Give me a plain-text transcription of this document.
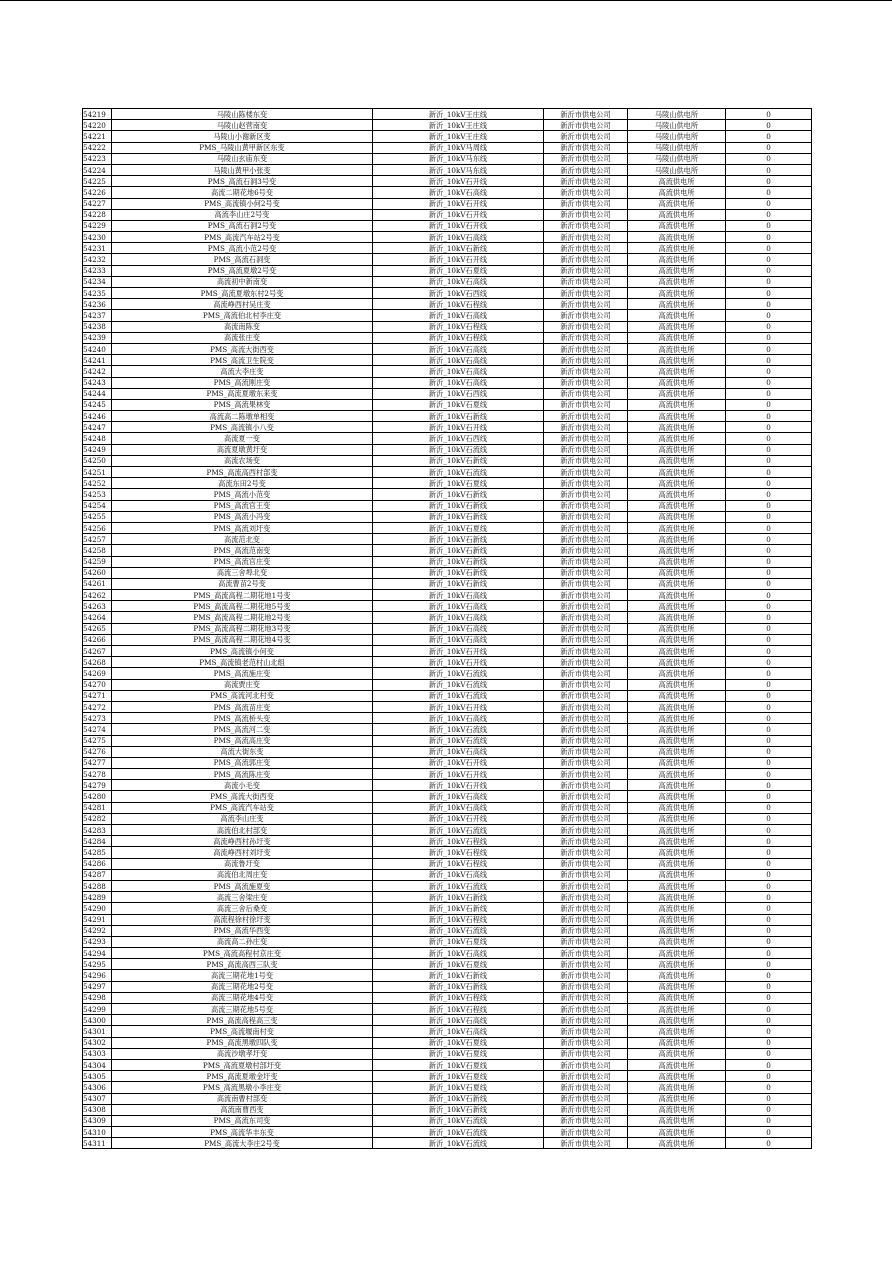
54219	马陵山陈楼东变	新沂_10kV王庄线	新沂市供电公司	马陵山供电所	0
54220	马陵山赵营南变	新沂_10kV王庄线	新沂市供电公司	马陵山供电所	0
54221	马陵山小谢新区变	新沂_10kV王庄线	新沂市供电公司	马陵山供电所	0
54222	PMS_马陵山黄甲新区东变	新沂_10kV马周线	新沂市供电公司	马陵山供电所	0
54223	马陵山玄庙东变	新沂_10kV马东线	新沂市供电公司	马陵山供电所	0
54224	马陵山黄甲小张变	新沂_10kV马东线	新沂市供电公司	马陵山供电所	0
54225	PMS_高流石洞3号变	新沂_10kV石开线	新沂市供电公司	高流供电所	0
54226	高流二期花地6号变	新沂_10kV石高线	新沂市供电公司	高流供电所	0
54227	PMS_高流镇小何2号变	新沂_10kV石开线	新沂市供电公司	高流供电所	0
54228	高流李山庄2号变	新沂_10kV石开线	新沂市供电公司	高流供电所	0
54229	PMS_高流石洞2号变	新沂_10kV石开线	新沂市供电公司	高流供电所	0
54230	PMS_高流汽车站2号变	新沂_10kV石高线	新沂市供电公司	高流供电所	0
54231	PMS_高流小范2号变	新沂_10kV石新线	新沂市供电公司	高流供电所	0
54232	PMS_高流石洞变	新沂_10kV石开线	新沂市供电公司	高流供电所	0
54233	PMS_高流夏墩2号变	新沂_10kV石夏线	新沂市供电公司	高流供电所	0
54234	高流初中新南变	新沂_10kV石高线	新沂市供电公司	高流供电所	0
54235	PMS_高流夏墩东村2号变	新沂_10kV石西线	新沂市供电公司	高流供电所	0
54236	高流峥西村吴庄变	新沂_10kV石程线	新沂市供电公司	高流供电所	0
54237	PMS_高流伯北村李庄变	新沂_10kV石高线	新沂市供电公司	高流供电所	0
54238	高流南陈变	新沂_10kV石程线	新沂市供电公司	高流供电所	0
54239	高流张庄变	新沂_10kV石程线	新沂市供电公司	高流供电所	0
54240	PMS_高流大街西变	新沂_10kV石高线	新沂市供电公司	高流供电所	0
54241	PMS_高流卫生院变	新沂_10kV石高线	新沂市供电公司	高流供电所	0
54242	高流大李庄变	新沂_10kV石高线	新沂市供电公司	高流供电所	0
54243	PMS_高流刚庄变	新沂_10kV石高线	新沂市供电公司	高流供电所	0
54244	PMS_高流夏墩东来变	新沂_10kV石西线	新沂市供电公司	高流供电所	0
54245	PMS_高流果林变	新沂_10kV石夏线	新沂市供电公司	高流供电所	0
54246	高流高二陈墩单相变	新沂_10kV石新线	新沂市供电公司	高流供电所	0
54247	PMS_高流镇小八变	新沂_10kV石开线	新沂市供电公司	高流供电所	0
54248	高流夏一变	新沂_10kV石西线	新沂市供电公司	高流供电所	0
54249	高流夏墩黄圩变	新沂_10kV石流线	新沂市供电公司	高流供电所	0
54250	高流农场变	新沂_10kV石新线	新沂市供电公司	高流供电所	0
54251	PMS_高流高西村部变	新沂_10kV石流线	新沂市供电公司	高流供电所	0
54252	高流东田2号变	新沂_10kV石夏线	新沂市供电公司	高流供电所	0
54253	PMS_高流小范变	新沂_10kV石新线	新沂市供电公司	高流供电所	0
54254	PMS_高流官王变	新沂_10kV石新线	新沂市供电公司	高流供电所	0
54255	PMS_高流小冯变	新沂_10kV石新线	新沂市供电公司	高流供电所	0
54256	PMS_高流刘圩变	新沂_10kV石夏线	新沂市供电公司	高流供电所	0
54257	高流范北变	新沂_10kV石新线	新沂市供电公司	高流供电所	0
54258	PMS_高流范南变	新沂_10kV石新线	新沂市供电公司	高流供电所	0
54259	PMS_高流官庄变	新沂_10kV石新线	新沂市供电公司	高流供电所	0
54260	高流三舍埠北变	新沂_10kV石新线	新沂市供电公司	高流供电所	0
54261	高流曹苗2号变	新沂_10kV石新线	新沂市供电公司	高流供电所	0
54262	PMS_高流高程二期花地1号变	新沂_10kV石高线	新沂市供电公司	高流供电所	0
54263	PMS_高流高程二期花地5号变	新沂_10kV石高线	新沂市供电公司	高流供电所	0
54264	PMS_高流高程二期花地2号变	新沂_10kV石高线	新沂市供电公司	高流供电所	0
54265	PMS_高流高程二期花地3号变	新沂_10kV石高线	新沂市供电公司	高流供电所	0
54266	PMS_高流高程二期花地4号变	新沂_10kV石高线	新沂市供电公司	高流供电所	0
54267	PMS_高流镇小何变	新沂_10kV石开线	新沂市供电公司	高流供电所	0
54268	PMS_高流镇老范村山北组	新沂_10kV石开线	新沂市供电公司	高流供电所	0
54269	PMS_高流施庄变	新沂_10kV石流线	新沂市供电公司	高流供电所	0
54270	高流贾庄变	新沂_10kV石流线	新沂市供电公司	高流供电所	0
54271	PMS_高流河北村变	新沂_10kV石流线	新沂市供电公司	高流供电所	0
54272	PMS_高流苗庄变	新沂_10kV石开线	新沂市供电公司	高流供电所	0
54273	PMS_高流桥头变	新沂_10kV石高线	新沂市供电公司	高流供电所	0
54274	PMS_高流河二变	新沂_10kV石流线	新沂市供电公司	高流供电所	0
54275	PMS_高流高庄变	新沂_10kV石流线	新沂市供电公司	高流供电所	0
54276	高流大街东变	新沂_10kV石高线	新沂市供电公司	高流供电所	0
54277	PMS_高流郭庄变	新沂_10kV石开线	新沂市供电公司	高流供电所	0
54278	PMS_高流陈庄变	新沂_10kV石开线	新沂市供电公司	高流供电所	0
54279	高流小毛变	新沂_10kV石开线	新沂市供电公司	高流供电所	0
54280	PMS_高流大街西变	新沂_10kV石高线	新沂市供电公司	高流供电所	0
54281	PMS_高流汽车站变	新沂_10kV石高线	新沂市供电公司	高流供电所	0
54282	高流李山庄变	新沂_10kV石开线	新沂市供电公司	高流供电所	0
54283	高流伯北村部变	新沂_10kV石流线	新沂市供电公司	高流供电所	0
54284	高流峥西村孙圩变	新沂_10kV石程线	新沂市供电公司	高流供电所	0
54285	高流峥西村刘圩变	新沂_10kV石程线	新沂市供电公司	高流供电所	0
54286	高流鲁圩变	新沂_10kV石程线	新沂市供电公司	高流供电所	0
54287	高流伯北周庄变	新沂_10kV石高线	新沂市供电公司	高流供电所	0
54288	PMS_高流施夏变	新沂_10kV石流线	新沂市供电公司	高流供电所	0
54289	高流三舍梁庄变	新沂_10kV石新线	新沂市供电公司	高流供电所	0
54290	高流三舍后桑变	新沂_10kV石新线	新沂市供电公司	高流供电所	0
54291	高流程徐村徐圩变	新沂_10kV石程线	新沂市供电公司	高流供电所	0
54292	PMS_高流华西变	新沂_10kV石流线	新沂市供电公司	高流供电所	0
54293	高流高二孙庄变	新沂_10kV石夏线	新沂市供电公司	高流供电所	0
54294	PMS_高流高程村京庄变	新沂_10kV石高线	新沂市供电公司	高流供电所	0
54295	PMS_高流高西三队变	新沂_10kV石夏线	新沂市供电公司	高流供电所	0
54296	高流三期花地1号变	新沂_10kV石新线	新沂市供电公司	高流供电所	0
54297	高流三期花地2号变	新沂_10kV石新线	新沂市供电公司	高流供电所	0
54298	高流三期花地4号变	新沂_10kV石程线	新沂市供电公司	高流供电所	0
54299	高流三期花地5号变	新沂_10kV石程线	新沂市供电公司	高流供电所	0
54300	PMS_高流高程高三变	新沂_10kV石高线	新沂市供电公司	高流供电所	0
54301	PMS_高流堰南村变	新沂_10kV石高线	新沂市供电公司	高流供电所	0
54302	PMS_高流黑墩四队变	新沂_10kV石夏线	新沂市供电公司	高流供电所	0
54303	高流沙墩孝圩变	新沂_10kV石夏线	新沂市供电公司	高流供电所	0
54304	PMS_高流夏墩村部圩变	新沂_10kV石夏线	新沂市供电公司	高流供电所	0
54305	PMS_高流夏墩金圩变	新沂_10kV石夏线	新沂市供电公司	高流供电所	0
54306	PMS_高流黑墩小李庄变	新沂_10kV石夏线	新沂市供电公司	高流供电所	0
54307	高流南曹村部变	新沂_10kV石新线	新沂市供电公司	高流供电所	0
54308	高流南曹西变	新沂_10kV石新线	新沂市供电公司	高流供电所	0
54309	PMS_高流东司变	新沂_10kV石流线	新沂市供电公司	高流供电所	0
54310	PMS_高流华丰东变	新沂_10kV石流线	新沂市供电公司	高流供电所	0
54311	PMS_高流大李庄2号变	新沂_10kV石流线	新沂市供电公司	高流供电所	0
